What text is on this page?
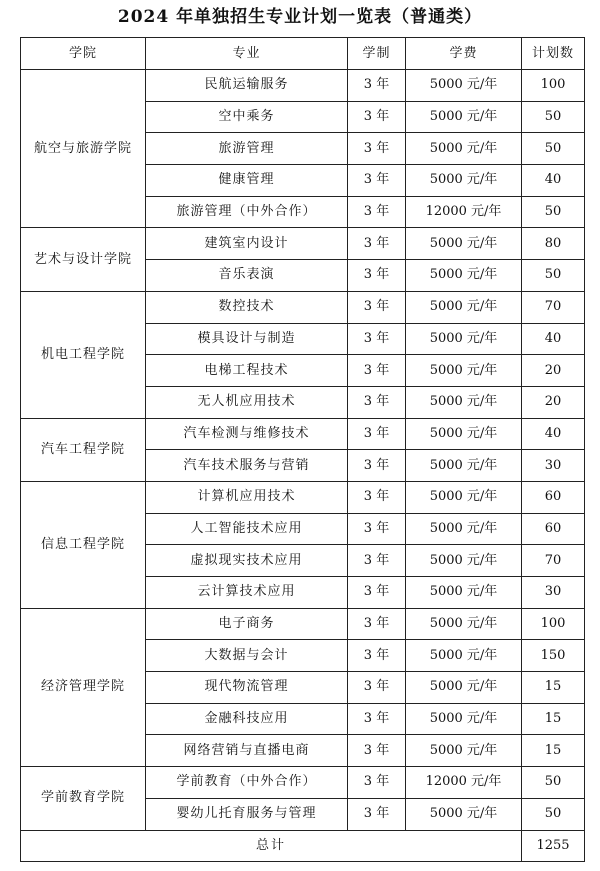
2024 年单独招生专业计划一览表（普通类）
学院	专业	学制	学费	计划数
航空与旅游学院	民航运输服务	3 年	5000 元/年	100
	空中乘务	3 年	5000 元/年	50
	旅游管理	3 年	5000 元/年	50
	健康管理	3 年	5000 元/年	40
	旅游管理（中外合作）	3 年	12000 元/年	50
艺术与设计学院	建筑室内设计	3 年	5000 元/年	80
	音乐表演	3 年	5000 元/年	50
机电工程学院	数控技术	3 年	5000 元/年	70
	模具设计与制造	3 年	5000 元/年	40
	电梯工程技术	3 年	5000 元/年	20
	无人机应用技术	3 年	5000 元/年	20
汽车工程学院	汽车检测与维修技术	3 年	5000 元/年	40
	汽车技术服务与营销	3 年	5000 元/年	30
信息工程学院	计算机应用技术	3 年	5000 元/年	60
	人工智能技术应用	3 年	5000 元/年	60
	虚拟现实技术应用	3 年	5000 元/年	70
	云计算技术应用	3 年	5000 元/年	30
经济管理学院	电子商务	3 年	5000 元/年	100
	大数据与会计	3 年	5000 元/年	150
	现代物流管理	3 年	5000 元/年	15
	金融科技应用	3 年	5000 元/年	15
	网络营销与直播电商	3 年	5000 元/年	15
学前教育学院	学前教育（中外合作）	3 年	12000 元/年	50
	婴幼儿托育服务与管理	3 年	5000 元/年	50
总计				1255
